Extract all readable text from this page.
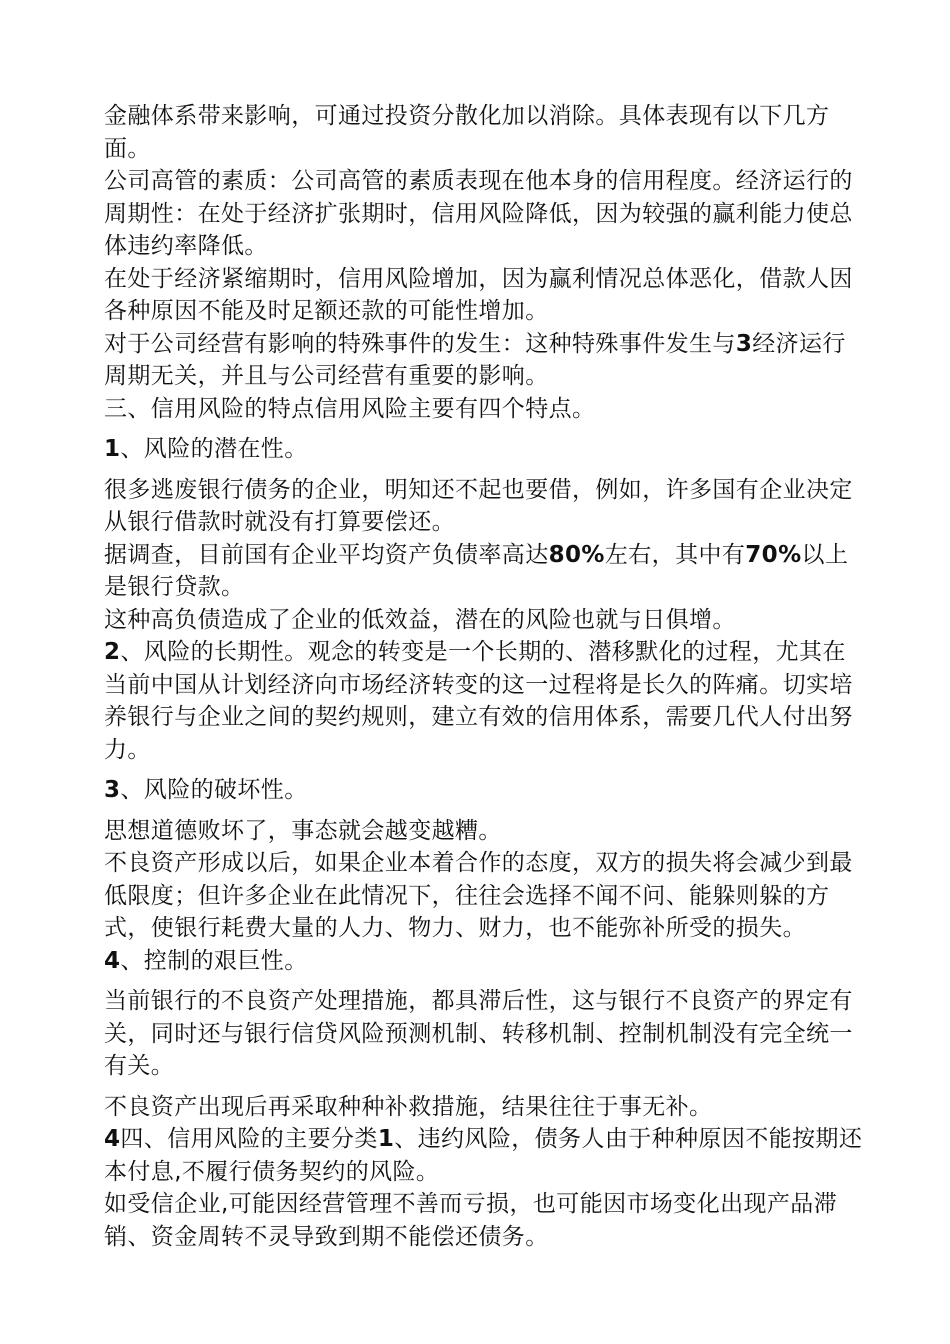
金融体系带来影响，可通过投资分散化加以消除。具体表现有以下几方面。

公司高管的素质：公司高管的素质表现在他本身的信用程度。经济运行的周期性：在处于经济扩张期时，信用风险降低，因为较强的赢利能力使总体违约率降低。

在处于经济紧缩期时，信用风险增加，因为赢利情况总体恶化，借款人因各种原因不能及时足额还款的可能性增加。

对于公司经营有影响的特殊事件的发生：这种特殊事件发生与3经济运行周期无关，并且与公司经营有重要的影响。

三、信用风险的特点信用风险主要有四个特点。

1、风险的潜在性。

很多逃废银行债务的企业，明知还不起也要借，例如，许多国有企业决定从银行借款时就没有打算要偿还。

据调查，目前国有企业平均资产负债率高达80%左右，其中有70%以上是银行贷款。

这种高负债造成了企业的低效益，潜在的风险也就与日俱增。

2、风险的长期性。观念的转变是一个长期的、潜移默化的过程，尤其在当前中国从计划经济向市场经济转变的这一过程将是长久的阵痛。切实培养银行与企业之间的契约规则，建立有效的信用体系，需要几代人付出努力。

3、风险的破坏性。

思想道德败坏了，事态就会越变越糟。

不良资产形成以后，如果企业本着合作的态度，双方的损失将会减少到最低限度；但许多企业在此情况下，往往会选择不闻不问、能躲则躲的方式，使银行耗费大量的人力、物力、财力，也不能弥补所受的损失。

4、控制的艰巨性。

当前银行的不良资产处理措施，都具滞后性，这与银行不良资产的界定有关，同时还与银行信贷风险预测机制、转移机制、控制机制没有完全统一有关。

不良资产出现后再采取种种补救措施，结果往往于事无补。

4四、信用风险的主要分类1、违约风险，债务人由于种种原因不能按期还本付息,不履行债务契约的风险。

如受信企业,可能因经营管理不善而亏损，也可能因市场变化出现产品滞销、资金周转不灵导致到期不能偿还债务。
